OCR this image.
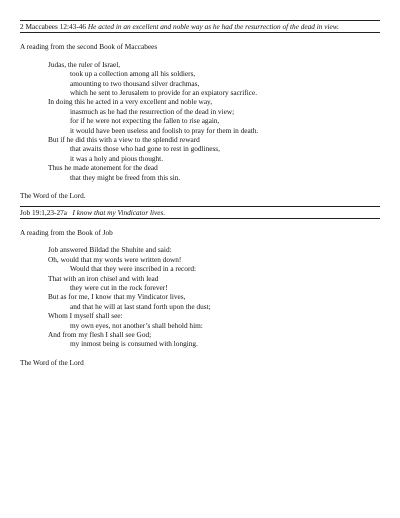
2 Maccabees 12:43-46 He acted in an excellent and noble way as he had the resurrection of the dead in view.
A reading from the second Book of Maccabees
Judas, the ruler of Israel,
took up a collection among all his soldiers,
amounting to two thousand silver drachmas,
which he sent to Jerusalem to provide for an expiatory sacrifice.
In doing this he acted in a very excellent and noble way,
inasmuch as he had the resurrection of the dead in view;
for if he were not expecting the fallen to rise again,
it would have been useless and foolish to pray for them in death.
But if he did this with a view to the splendid reward
that awaits those who had gone to rest in godliness,
it was a holy and pious thought.
Thus he made atonement for the dead
that they might be freed from this sin.
The Word of the Lord.
Job 19:1,23-27a I know that my Vindicator lives.
A reading from the Book of Job
Job answered Bildad the Shuhite and said:
Oh, would that my words were written down!
Would that they were inscribed in a record:
That with an iron chisel and with lead
they were cut in the rock forever!
But as for me, I know that my Vindicator lives,
and that he will at last stand forth upon the dust;
Whom I myself shall see:
my own eyes, not another’s shall behold him:
And from my flesh I shall see God;
my inmost being is consumed with longing.
The Word of the Lord
